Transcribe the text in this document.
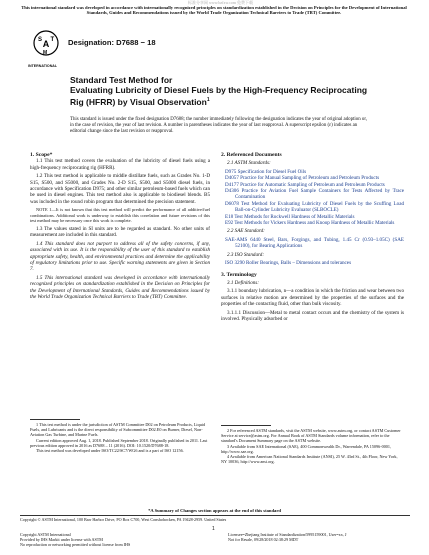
标准分享网 www.bzfxw.com 免费下载
This international standard was developed in accordance with internationally recognized principles on standardization established in the Decision on Principles for the Development of International Standards, Guides and Recommendations issued by the World Trade Organization Technical Barriers to Trade (TBT) Committee.
A
S T
M
INTERNATIONAL
Designation: D7688 − 18
Standard Test Method for
Evaluating Lubricity of Diesel Fuels by the High-Frequency Reciprocating Rig (HFRR) by Visual Observation$^1$
This standard is issued under the fixed designation D7688; the number immediately following the designation indicates the year of original adoption or, in the case of revision, the year of last revision. A number in parentheses indicates the year of last reapproval. A superscript epsilon (ε) indicates an editorial change since the last revision or reapproval.
1. Scope*

1.1 This test method covers the evaluation of the lubricity of diesel fuels using a high-frequency reciprocating rig (HFRR).

1.2 This test method is applicable to middle distillate fuels, such as Grades No. 1-D S15, S500, and S5000, and Grades No. 2-D S15, S500, and S5000 diesel fuels, in accordance with Specification D975; and other similar petroleum-based fuels which can be used in diesel engines. This test method also is applicable to biodiesel blends. B5 was included in the round robin program that determined the precision statement.

NOTE 1—It is not known that this test method will predict the performance of all additive/fuel combinations. Additional work is underway to establish this correlation and future revisions of this test method may be necessary once this work is complete.

1.3 The values stated in SI units are to be regarded as standard. No other units of measurement are included in this standard.

1.4 This standard does not purport to address all of the safety concerns, if any, associated with its use. It is the responsibility of the user of this standard to establish appropriate safety, health, and environmental practices and determine the applicability of regulatory limitations prior to use. Specific warning statements are given in Section 7.

1.5 This international standard was developed in accordance with internationally recognized principles on standardization established in the Decision on Principles for the Development of International Standards, Guides and Recommendations issued by the World Trade Organization Technical Barriers to Trade (TBT) Committee.

1 This test method is under the jurisdiction of ASTM Committee D02 on Petroleum Products, Liquid Fuels, and Lubricants and is the direct responsibility of Subcommittee D02.E0 on Burner, Diesel, Non-Aviation Gas Turbine, and Marine Fuels.
Current edition approved Aug. 1, 2018. Published September 2018. Originally published in 2011. Last previous edition approved in 2016 as D7688 – 11 (2016). DOI: 10.1520/D7688-18.
This test method was developed under ISO/TC22/SC7/WG6 and is a part of ISO 12156.
2. Referenced Documents

2.1 ASTM Standards:

D975 Specification for Diesel Fuel Oils
D4057 Practice for Manual Sampling of Petroleum and Petroleum Products
D4177 Practice for Automatic Sampling of Petroleum and Petroleum Products
D4306 Practice for Aviation Fuel Sample Containers for Tests Affected by Trace Contamination
D6078 Test Method for Evaluating Lubricity of Diesel Fuels by the Scuffing Load Ball-on-Cylinder Lubricity Evaluator (SLBOCLE)
E18 Test Methods for Rockwell Hardness of Metallic Materials
E92 Test Methods for Vickers Hardness and Knoop Hardness of Metallic Materials

2.2 SAE Standard:

SAE-AMS 6440 Steel, Bars, Forgings, and Tubing, 1.45 Cr (0.93–1.05C) (SAE 52100), for Bearing Applications

2.3 ISO Standard:

ISO 3290 Roller Bearings, Balls – Dimensions and tolerances
3. Terminology

3.1 Definitions:

3.1.1 boundary lubrication, n—a condition in which the friction and wear between two surfaces in relative motion are determined by the properties of the surfaces and the properties of the contacting fluid, other than bulk viscosity.

3.1.1.1 Discussion—Metal to metal contact occurs and the chemistry of the system is involved. Physically adsorbed or

2 For referenced ASTM standards, visit the ASTM website, www.astm.org, or contact ASTM Customer Service at service@astm.org. For Annual Book of ASTM Standards volume information, refer to the standard's Document Summary page on the ASTM website.
3 Available from SAE International (SAE), 400 Commonwealth Dr., Warrendale, PA 15096-0001, http://www.sae.org.
4 Available from American National Standards Institute (ANSI), 25 W. 43rd St., 4th Floor, New York, NY 10036, http://www.ansi.org.
*A Summary of Changes section appears at the end of this standard
Copyright © ASTM International, 100 Barr Harbor Drive, PO Box C700, West Conshohocken, PA 19428-2959. United States
Copyright ASTM International
Provided by IHS Markit under license with ASTM
No reproduction or networking permitted without license from IHS
1
Licensee=Zhejiang Institute of Standardization/5995159001, User=xx, J
Not for Resale, 09/28/2018 02:38:29 MDT
